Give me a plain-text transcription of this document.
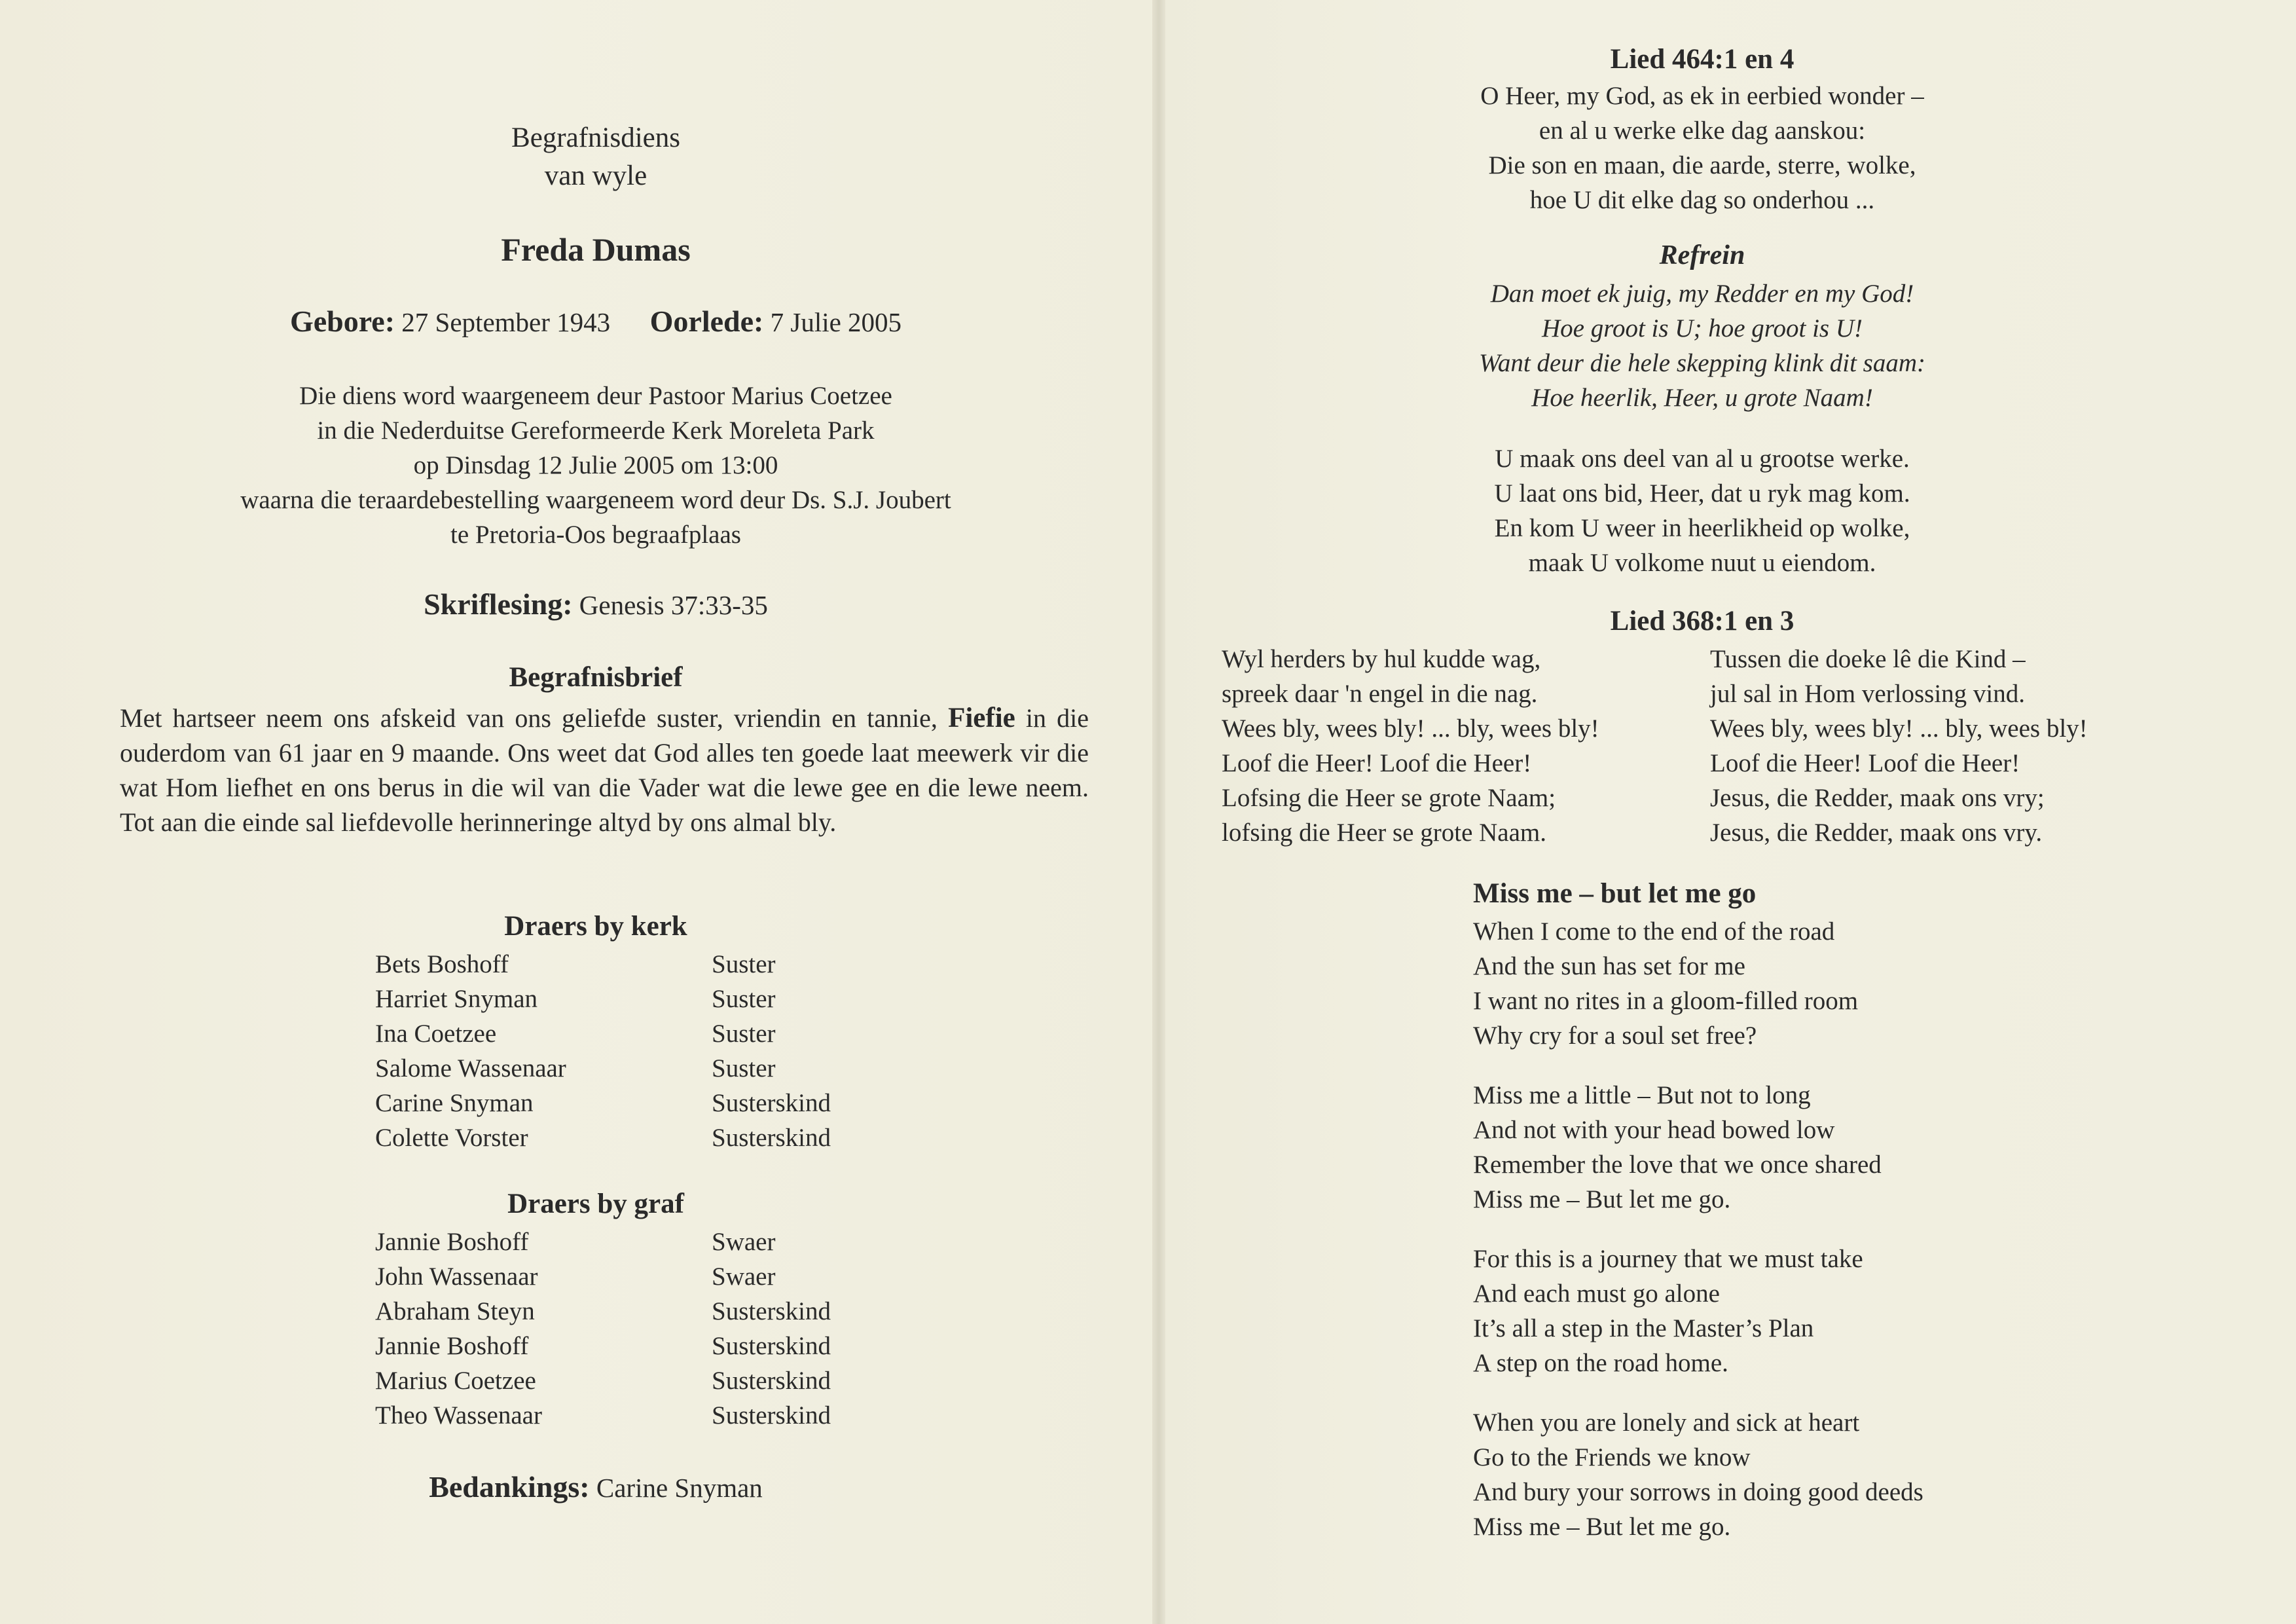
Begrafnisdiens
van wyle
Freda Dumas
Gebore: 27 September 1943 Oorlede: 7 Julie 2005
Die diens word waargeneem deur Pastoor Marius Coetzee
in die Nederduitse Gereformeerde Kerk Moreleta Park
op Dinsdag 12 Julie 2005 om 13:00
waarna die teraardebestelling waargeneem word deur Ds. S.J. Joubert
te Pretoria-Oos begraafplaas
Skriflesing: Genesis 37:33-35
Begrafnisbrief
Met hartseer neem ons afskeid van ons geliefde suster, vriendin en tannie, Fiefie in die ouderdom van 61 jaar en 9 maande. Ons weet dat God alles ten goede laat meewerk vir die wat Hom liefhet en ons berus in die wil van die Vader wat die lewe gee en die lewe neem. Tot aan die einde sal liefdevolle herinneringe altyd by ons almal bly.
Draers by kerk
Bets Boshoff	Suster
Harriet Snyman	Suster
Ina Coetzee	Suster
Salome Wassenaar	Suster
Carine Snyman	Susterskind
Colette Vorster	Susterskind
Draers by graf
Jannie Boshoff	Swaer
John Wassenaar	Swaer
Abraham Steyn	Susterskind
Jannie Boshoff	Susterskind
Marius Coetzee	Susterskind
Theo Wassenaar	Susterskind
Bedankings: Carine Snyman
Lied 464:1 en 4
O Heer, my God, as ek in eerbied wonder –
en al u werke elke dag aanskou:
Die son en maan, die aarde, sterre, wolke,
hoe U dit elke dag so onderhou ...
Refrein
Dan moet ek juig, my Redder en my God!
Hoe groot is U; hoe groot is U!
Want deur die hele skepping klink dit saam:
Hoe heerlik, Heer, u grote Naam!
U maak ons deel van al u grootse werke.
U laat ons bid, Heer, dat u ryk mag kom.
En kom U weer in heerlikheid op wolke,
maak U volkome nuut u eiendom.
Lied 368:1 en 3
Wyl herders by hul kudde wag,
spreek daar 'n engel in die nag.
Wees bly, wees bly! ... bly, wees bly!
Loof die Heer! Loof die Heer!
Lofsing die Heer se grote Naam;
lofsing die Heer se grote Naam.
Tussen die doeke lê die Kind –
jul sal in Hom verlossing vind.
Wees bly, wees bly! ... bly, wees bly!
Loof die Heer! Loof die Heer!
Jesus, die Redder, maak ons vry;
Jesus, die Redder, maak ons vry.
Miss me – but let me go
When I come to the end of the road
And the sun has set for me
I want no rites in a gloom-filled room
Why cry for a soul set free?
Miss me a little – But not to long
And not with your head bowed low
Remember the love that we once shared
Miss me – But let me go.
For this is a journey that we must take
And each must go alone
It’s all a step in the Master’s Plan
A step on the road home.
When you are lonely and sick at heart
Go to the Friends we know
And bury your sorrows in doing good deeds
Miss me – But let me go.
